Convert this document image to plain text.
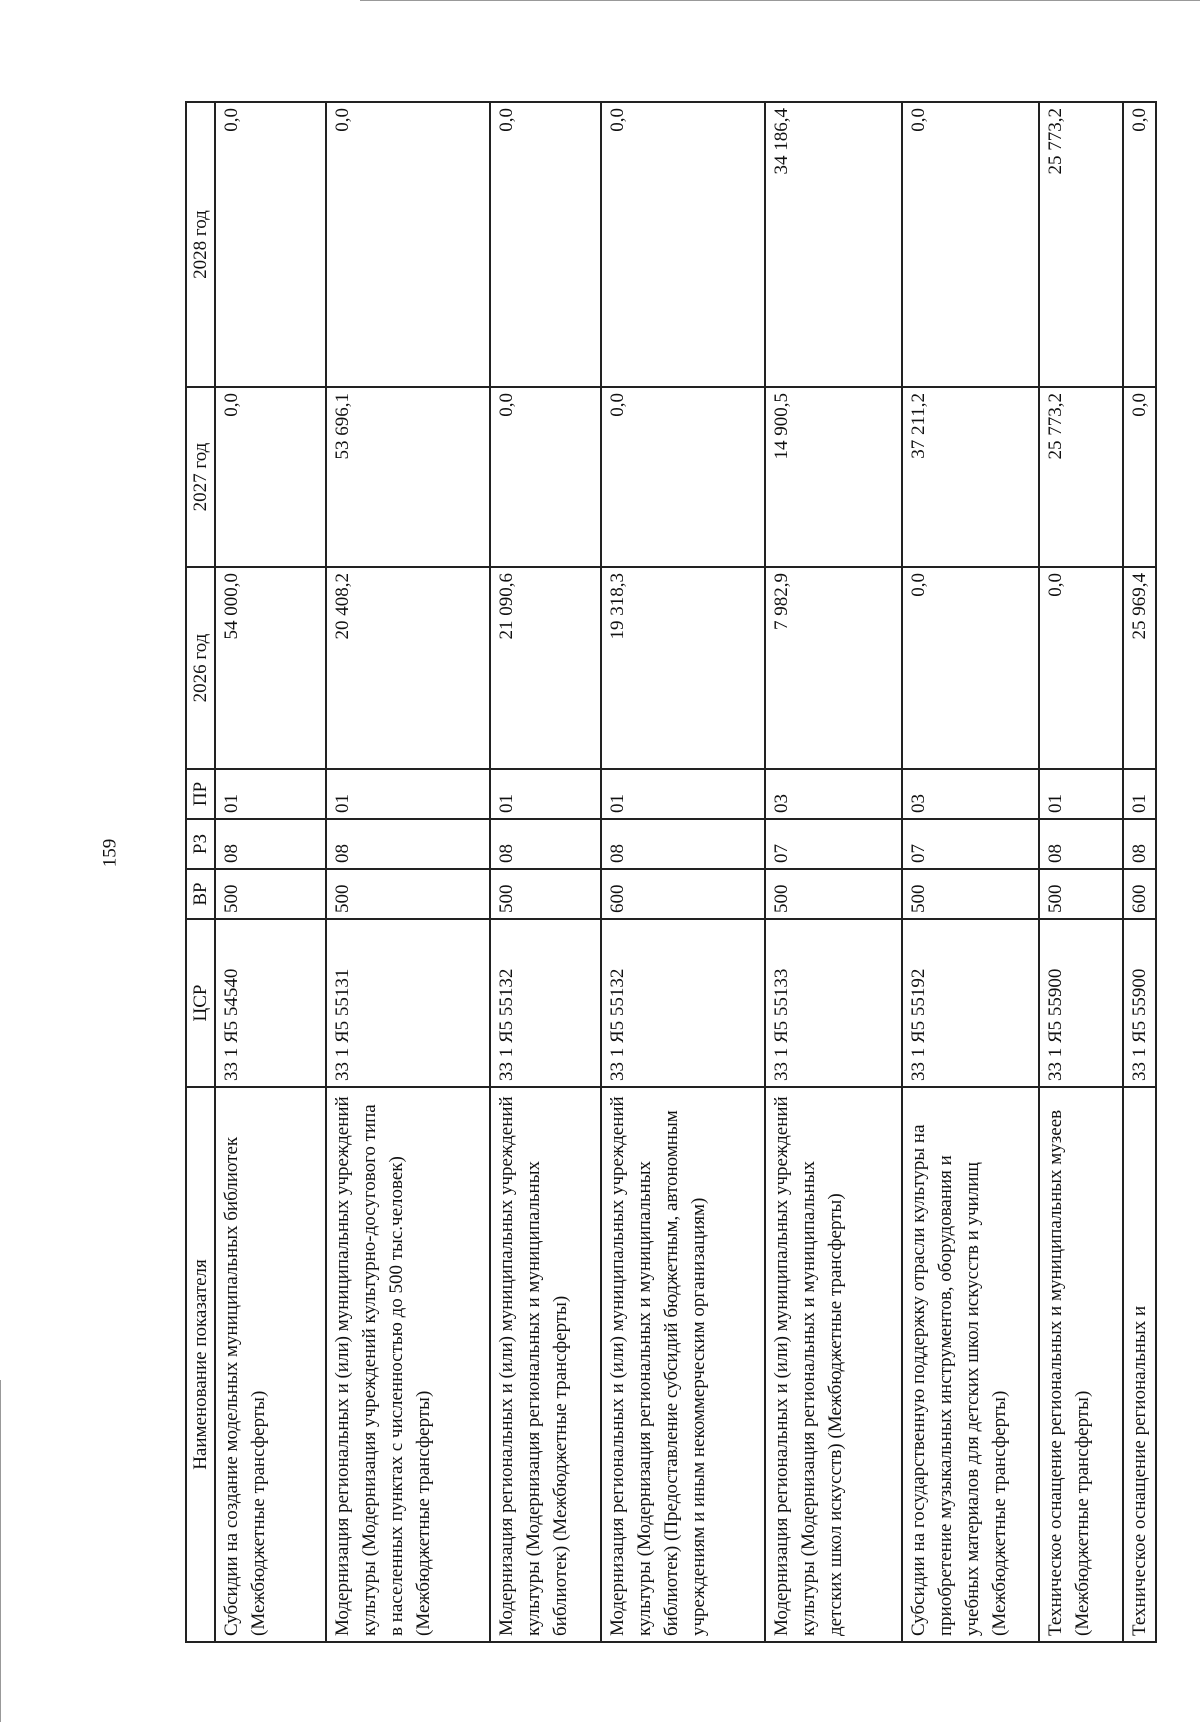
159
Наименование показателя	ЦСР	ВР	РЗ	ПР	2026 год	2027 год	2028 год
Субсидии на создание модельных муниципальных библиотек (Межбюджетные трансферты)	33 1 Я5 54540	500	08	01	54 000,0	0,0	0,0
Модернизация региональных и (или) муниципальных учреждений культуры (Модернизация учреждений культурно-досугового типа в населенных пунктах с численностью до 500 тыс.человек) (Межбюджетные трансферты)	33 1 Я5 55131	500	08	01	20 408,2	53 696,1	0,0
Модернизация региональных и (или) муниципальных учреждений культуры (Модернизация региональных и муниципальных библиотек) (Межбюджетные трансферты)	33 1 Я5 55132	500	08	01	21 090,6	0,0	0,0
Модернизация региональных и (или) муниципальных учреждений культуры (Модернизация региональных и муниципальных библиотек) (Предоставление субсидий бюджетным, автономным учреждениям и иным некоммерческим организациям)	33 1 Я5 55132	600	08	01	19 318,3	0,0	0,0
Модернизация региональных и (или) муниципальных учреждений культуры (Модернизация региональных и муниципальных детских школ искусств) (Межбюджетные трансферты)	33 1 Я5 55133	500	07	03	7 982,9	14 900,5	34 186,4
Субсидии на государственную поддержку отрасли культуры на приобретение музыкальных инструментов, оборудования и учебных материалов для детских школ искусств и училищ (Межбюджетные трансферты)	33 1 Я5 55192	500	07	03	0,0	37 211,2	0,0
Техническое оснащение региональных и муниципальных музеев (Межбюджетные трансферты)	33 1 Я5 55900	500	08	01	0,0	25 773,2	25 773,2
Техническое оснащение региональных и	33 1 Я5 55900	600	08	01	25 969,4	0,0	0,0
